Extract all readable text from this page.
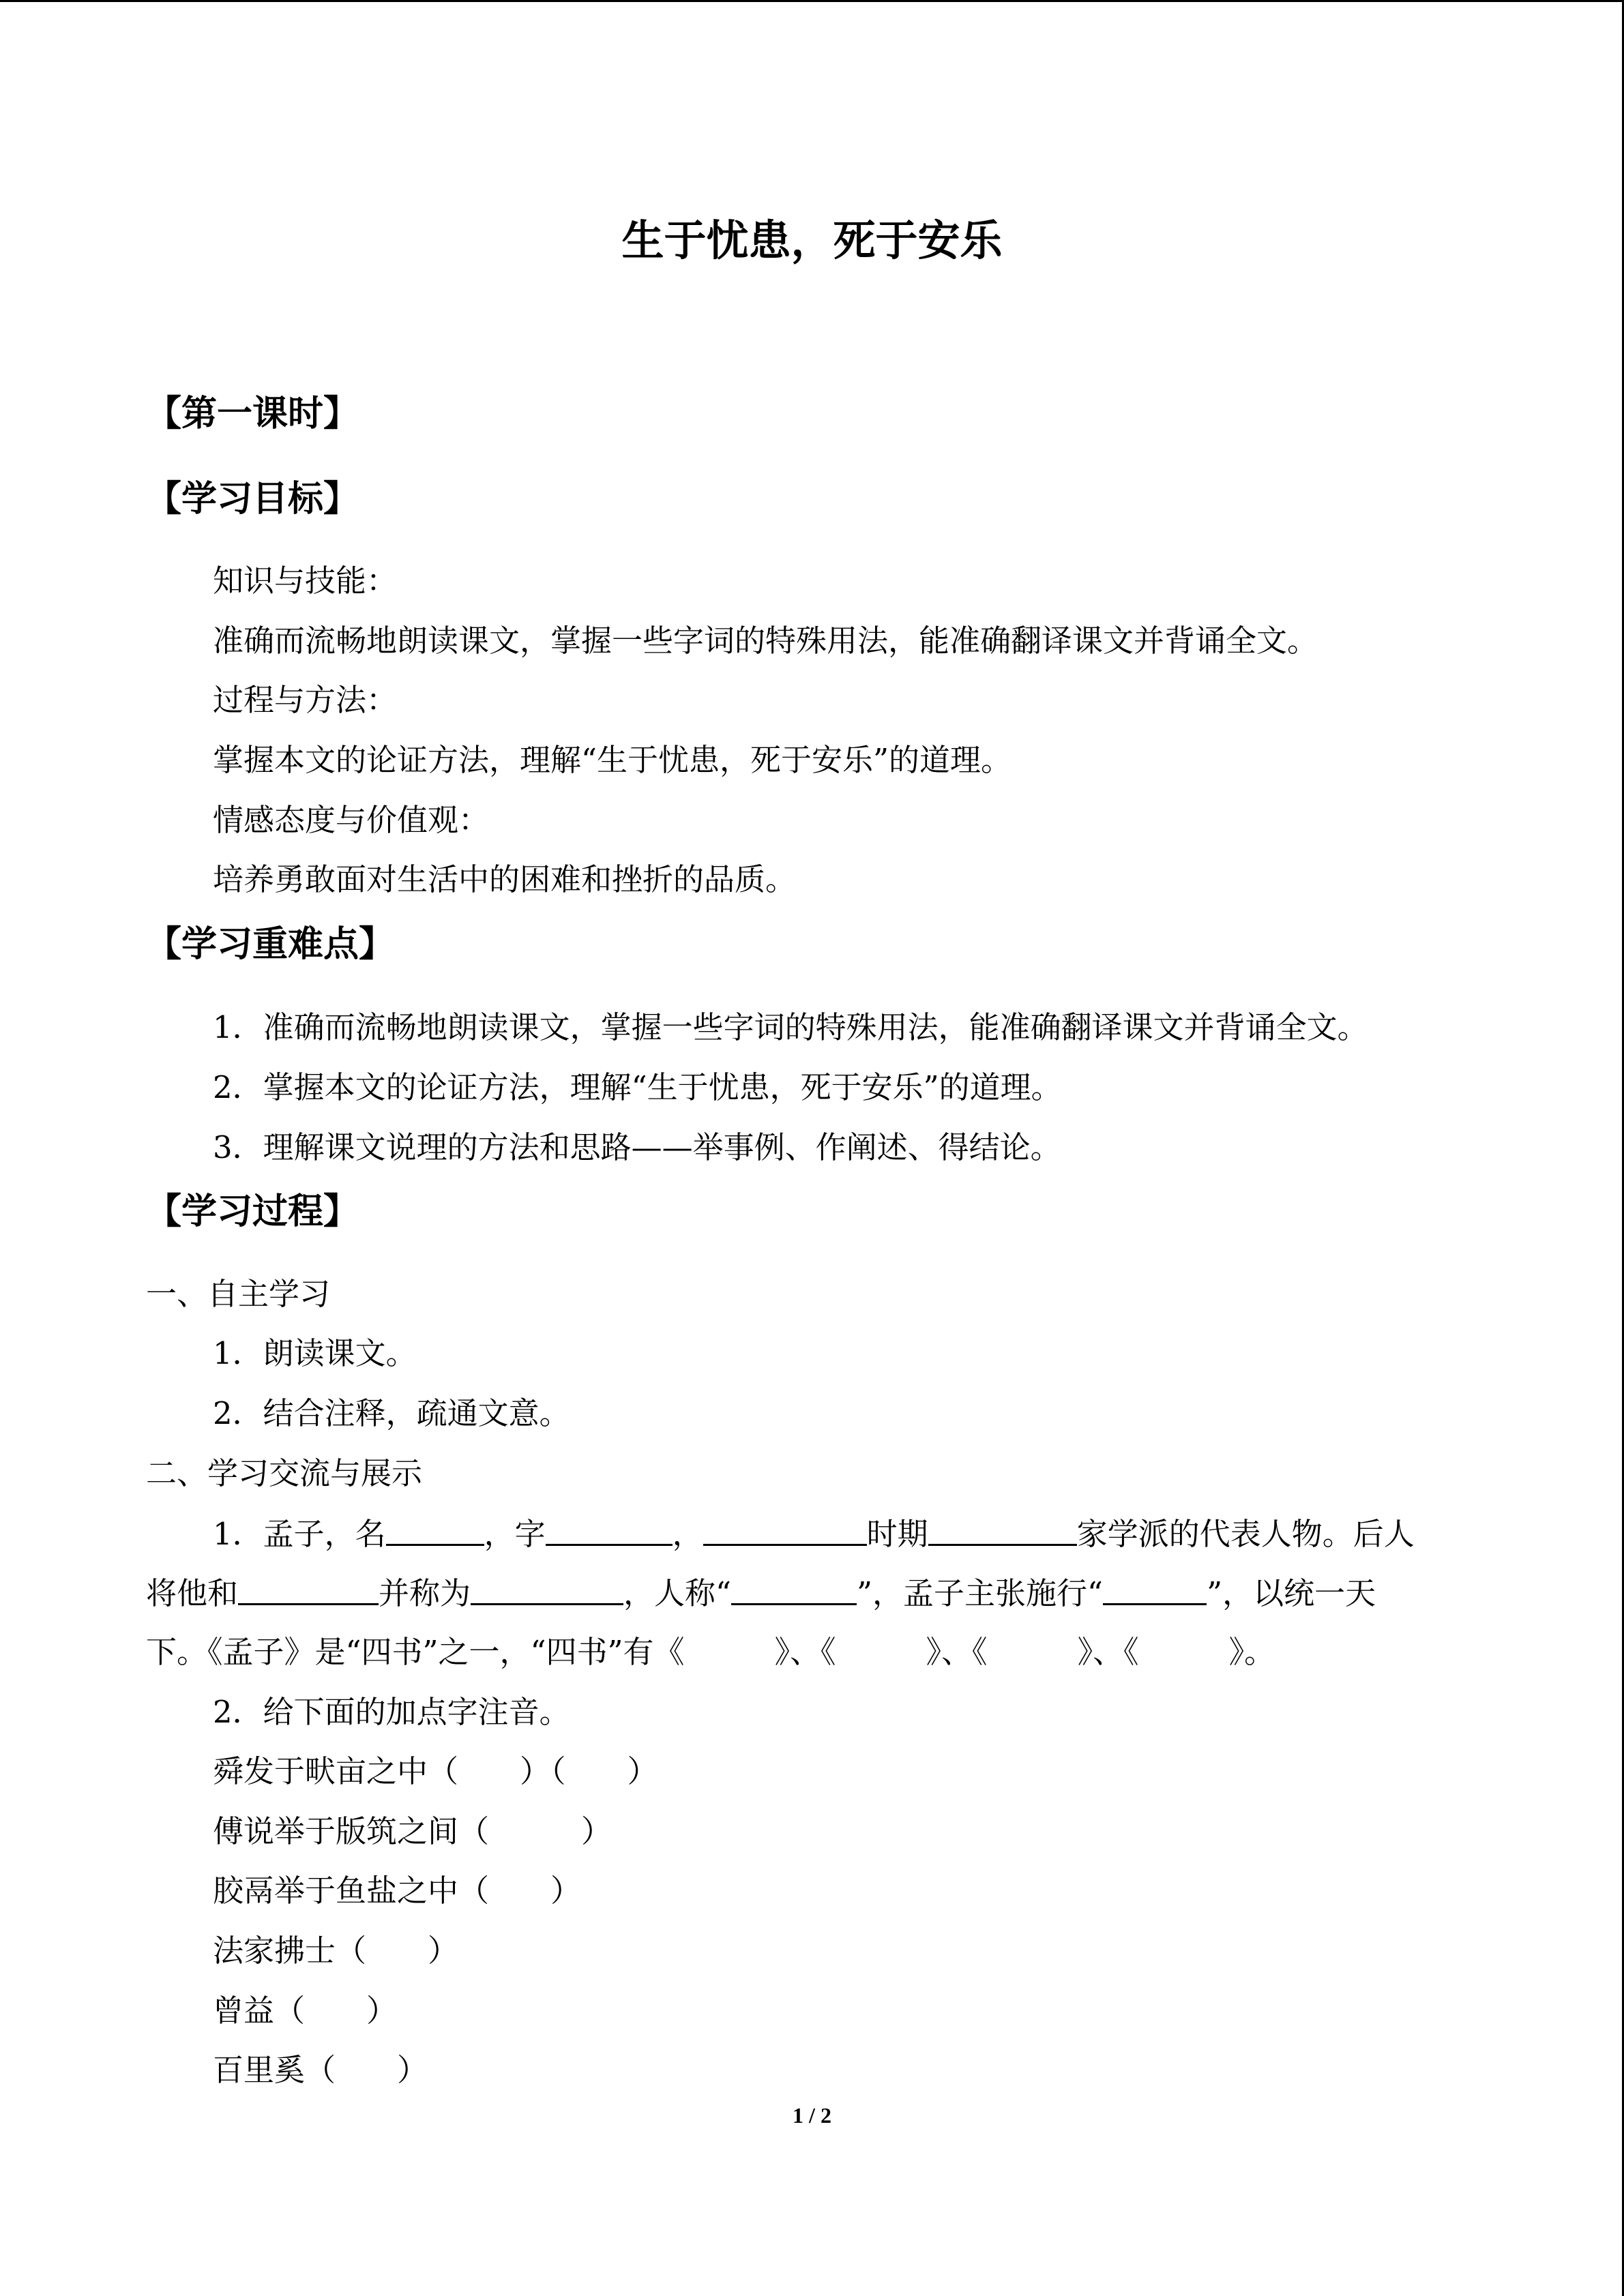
生于忧患，死于安乐
【第一课时】
【学习目标】
知识与技能：
准确而流畅地朗读课文，掌握一些字词的特殊用法，能准确翻译课文并背诵全文。
过程与方法：
掌握本文的论证方法，理解“生于忧患，死于安乐”的道理。
情感态度与价值观：
培养勇敢面对生活中的困难和挫折的品质。
【学习重难点】
1．准确而流畅地朗读课文，掌握一些字词的特殊用法，能准确翻译课文并背诵全文。
2．掌握本文的论证方法，理解“生于忧患，死于安乐”的道理。
3．理解课文说理的方法和思路——举事例、作阐述、得结论。
【学习过程】
一、自主学习
1．朗读课文。
2．结合注释，疏通文意。
二、学习交流与展示
1．孟子，名	，字	，	时期	家学派的代表人物。后人
将他和	并称为	，人称“	”，孟子主张施行“	”，以统一天
下。《孟子》是“四书”之一，“四书”有《	》、《	》、《	》、《	》。
2．给下面的加点字注音。
舜发于畎亩之中（　　）（　　）
傅说举于版筑之间（　　　）
胶鬲举于鱼盐之中（　　）
法家拂士（　　）
曾益（　　）
百里奚（　　）
1 / 2
